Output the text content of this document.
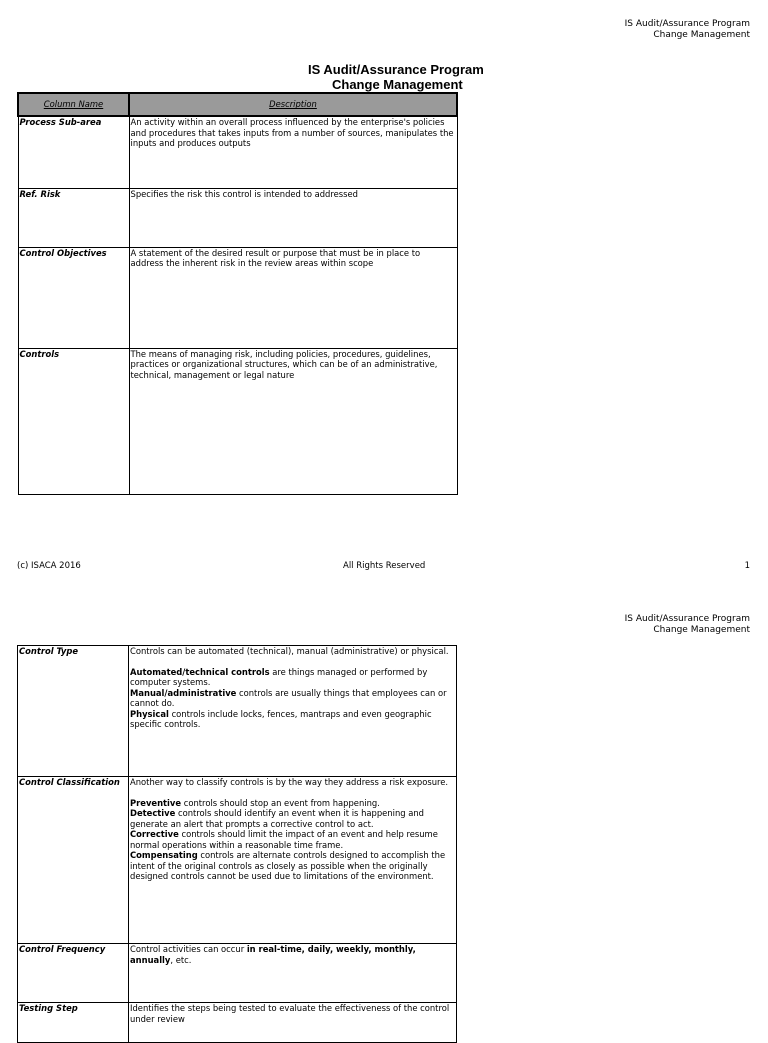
IS Audit/Assurance Program
Change Management
IS Audit/Assurance Program
Change Management
Column Name	Description
Process Sub-area	An activity within an overall process influenced by the enterprise's policies and procedures that takes inputs from a number of sources, manipulates the inputs and produces outputs
Ref. Risk	Specifies the risk this control is intended to addressed
Control Objectives	A statement of the desired result or purpose that must be in place to address the inherent risk in the review areas within scope
Controls	The means of managing risk, including policies, procedures, guidelines, practices or organizational structures, which can be of an administrative, technical, management or legal nature
(c) ISACA 2016	All Rights Reserved	1
IS Audit/Assurance Program
Change Management
Control Type	Controls can be automated (technical), manual (administrative) or physical.

Automated/technical controls are things managed or performed by computer systems.

Manual/administrative controls are usually things that employees can or cannot do.

Physical controls include locks, fences, mantraps and even geographic specific controls.

Control Classification	Another way to classify controls is by the way they address a risk exposure.

Preventive controls should stop an event from happening.

Detective controls should identify an event when it is happening and generate an alert that prompts a corrective control to act.

Corrective controls should limit the impact of an event and help resume normal operations within a reasonable time frame.

Compensating controls are alternate controls designed to accomplish the intent of the original controls as closely as possible when the originally designed controls cannot be used due to limitations of the environment.

Control Frequency	Control activities can occur in real-time, daily, weekly, monthly, annually, etc.

Testing Step	Identifies the steps being tested to evaluate the effectiveness of the control under review
